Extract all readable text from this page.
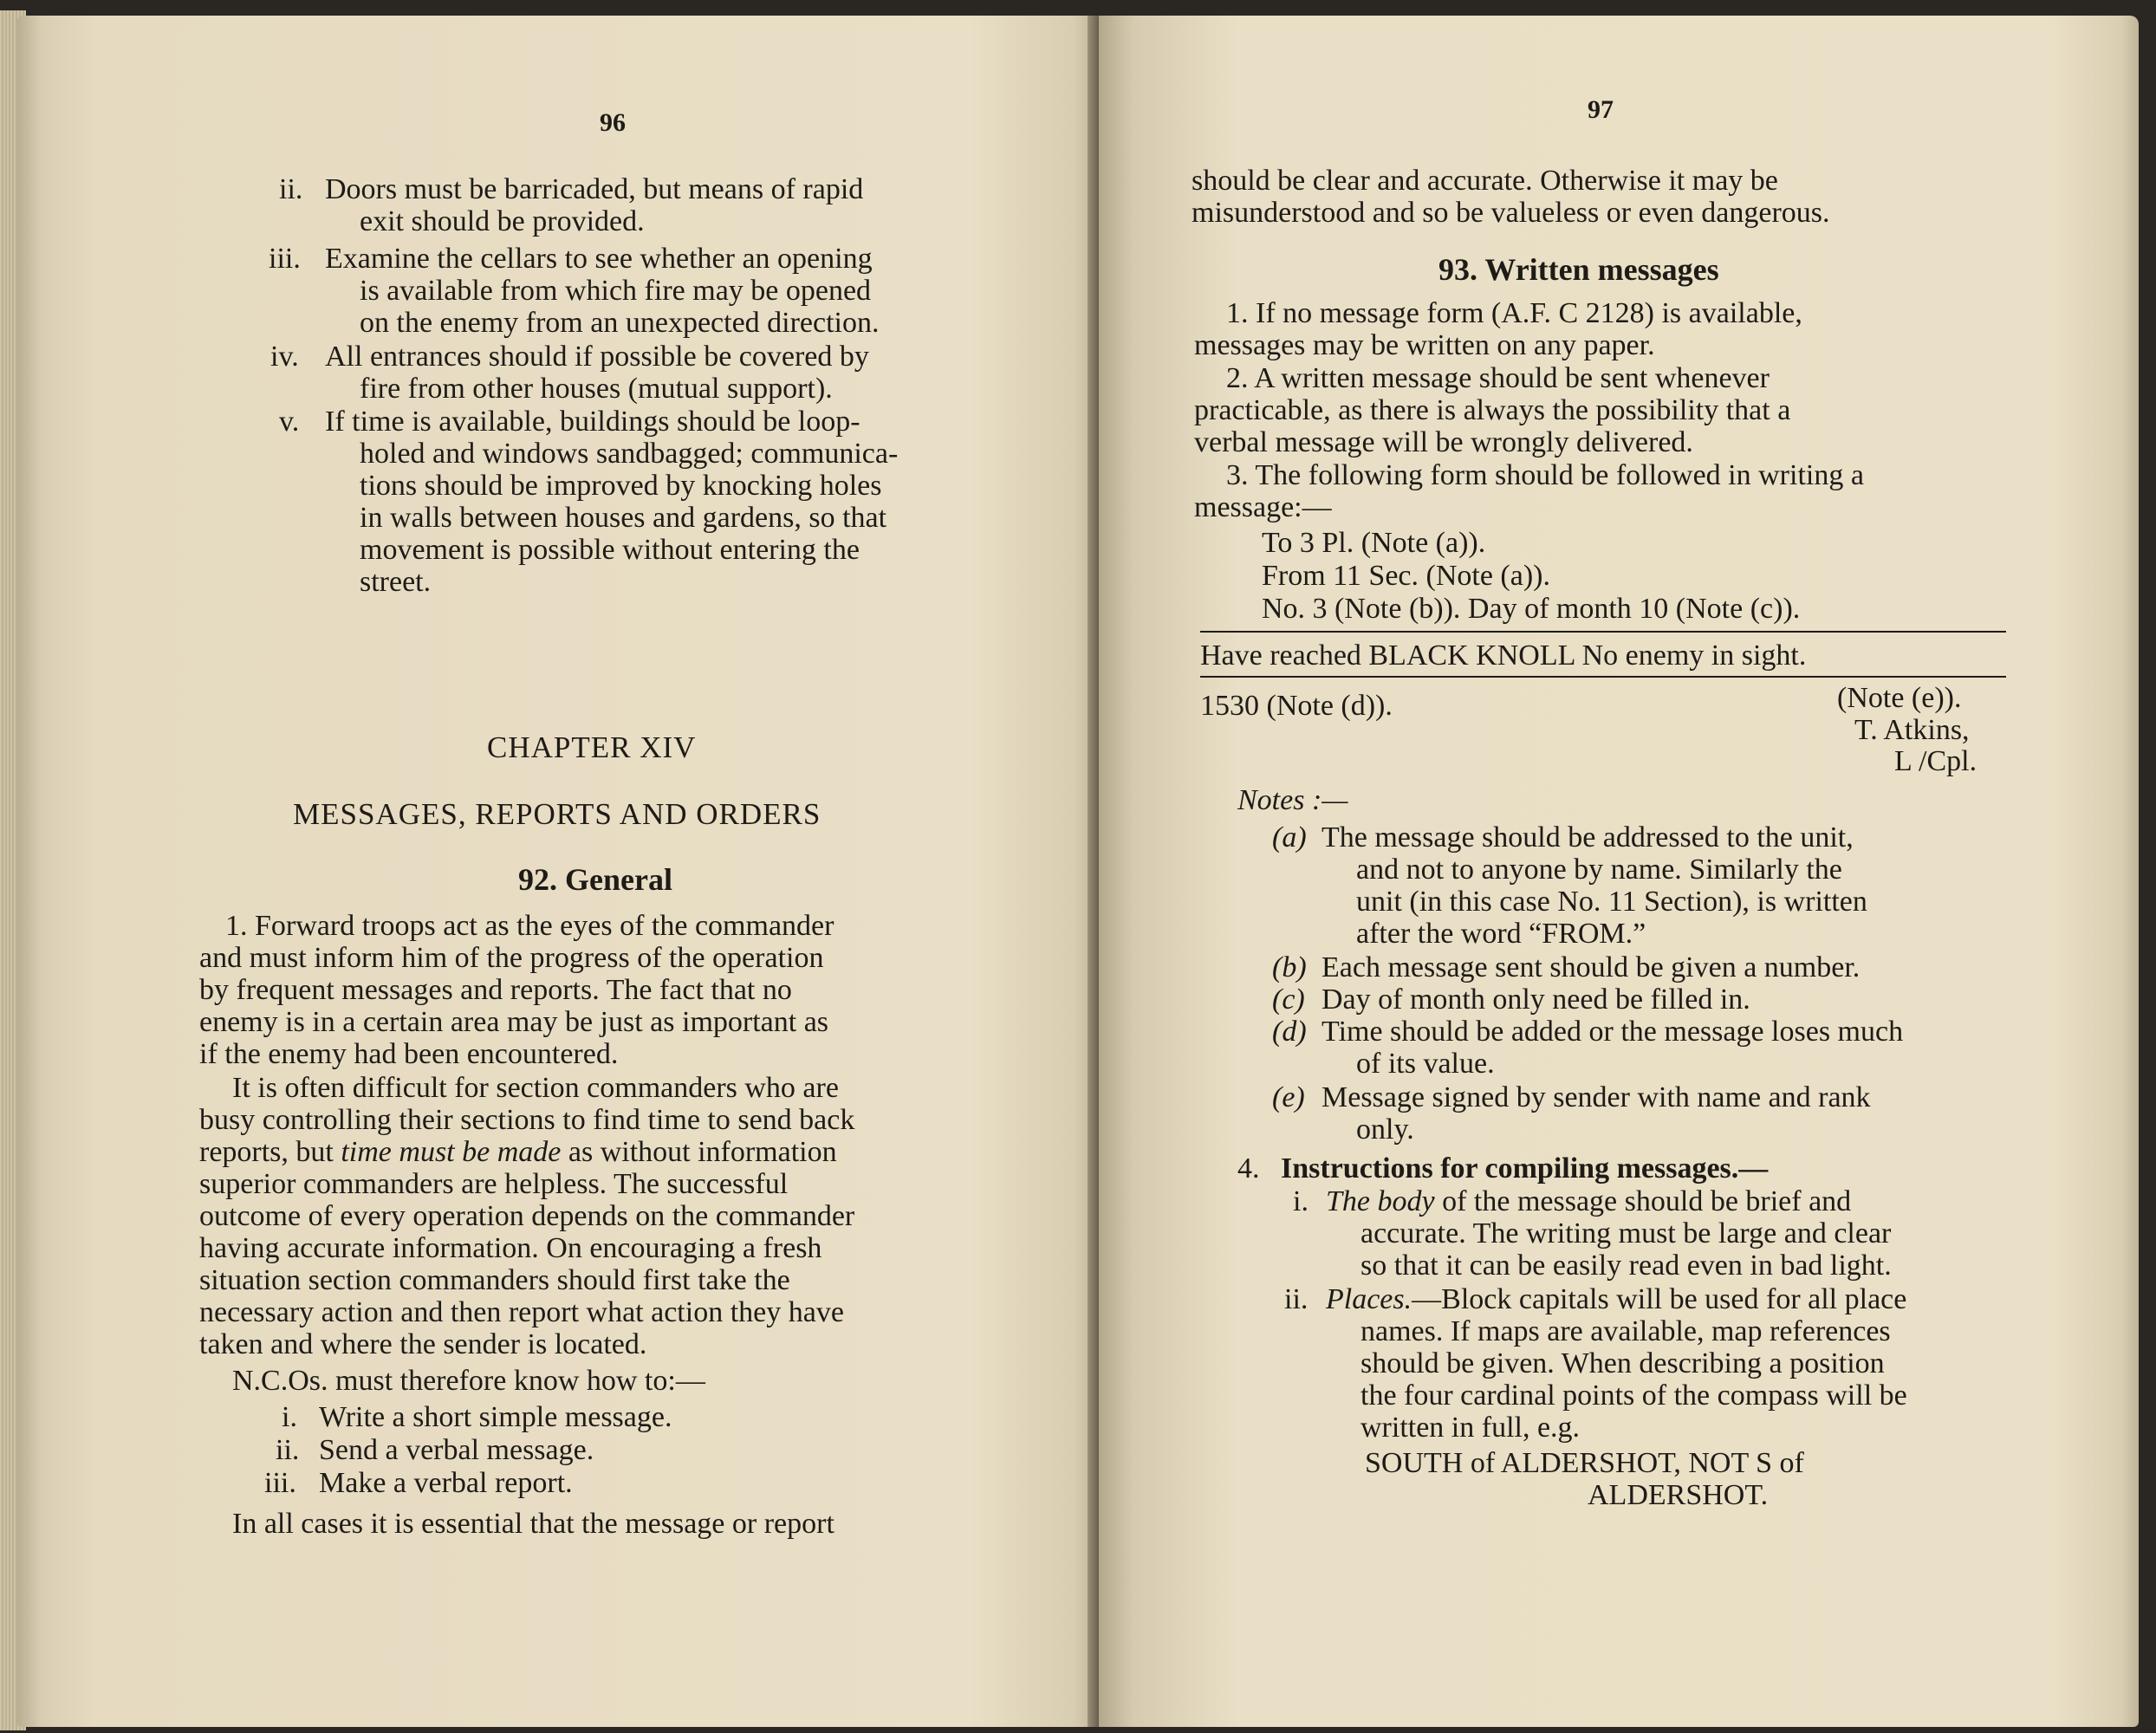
96
ii. Doors must be barricaded, but means of rapid
exit should be provided.
iii. Examine the cellars to see whether an opening
is available from which fire may be opened
on the enemy from an unexpected direction.
iv. All entrances should if possible be covered by
fire from other houses (mutual support).
v. If time is available, buildings should be loop-
holed and windows sandbagged; communica-
tions should be improved by knocking holes
in walls between houses and gardens, so that
movement is possible without entering the
street.
CHAPTER XIV
MESSAGES, REPORTS AND ORDERS
92. General
1. Forward troops act as the eyes of the commander
and must inform him of the progress of the operation
by frequent messages and reports. The fact that no
enemy is in a certain area may be just as important as
if the enemy had been encountered.
It is often difficult for section commanders who are
busy controlling their sections to find time to send back
reports, but time must be made as without information
superior commanders are helpless. The successful
outcome of every operation depends on the commander
having accurate information. On encouraging a fresh
situation section commanders should first take the
necessary action and then report what action they have
taken and where the sender is located.
N.C.Os. must therefore know how to:—
i. Write a short simple message.
ii. Send a verbal message.
iii. Make a verbal report.
In all cases it is essential that the message or report
97
should be clear and accurate. Otherwise it may be
misunderstood and so be valueless or even dangerous.
93. Written messages
1. If no message form (A.F. C 2128) is available,
messages may be written on any paper.
2. A written message should be sent whenever
practicable, as there is always the possibility that a
verbal message will be wrongly delivered.
3. The following form should be followed in writing a
message:—
To 3 Pl. (Note (a)).
From 11 Sec. (Note (a)).
No. 3 (Note (b)). Day of month 10 (Note (c)).
Have reached BLACK KNOLL No enemy in sight.
1530 (Note (d)).	(Note (e)).
T. Atkins,
L /Cpl.
Notes :—
(a) The message should be addressed to the unit,
and not to anyone by name. Similarly the
unit (in this case No. 11 Section), is written
after the word “FROM.”
(b) Each message sent should be given a number.
(c) Day of month only need be filled in.
(d) Time should be added or the message loses much
of its value.
(e) Message signed by sender with name and rank
only.
4. Instructions for compiling messages.—
i. The body of the message should be brief and
accurate. The writing must be large and clear
so that it can be easily read even in bad light.
ii. Places.—Block capitals will be used for all place
names. If maps are available, map references
should be given. When describing a position
the four cardinal points of the compass will be
written in full, e.g.
SOUTH of ALDERSHOT, NOT S of
ALDERSHOT.
